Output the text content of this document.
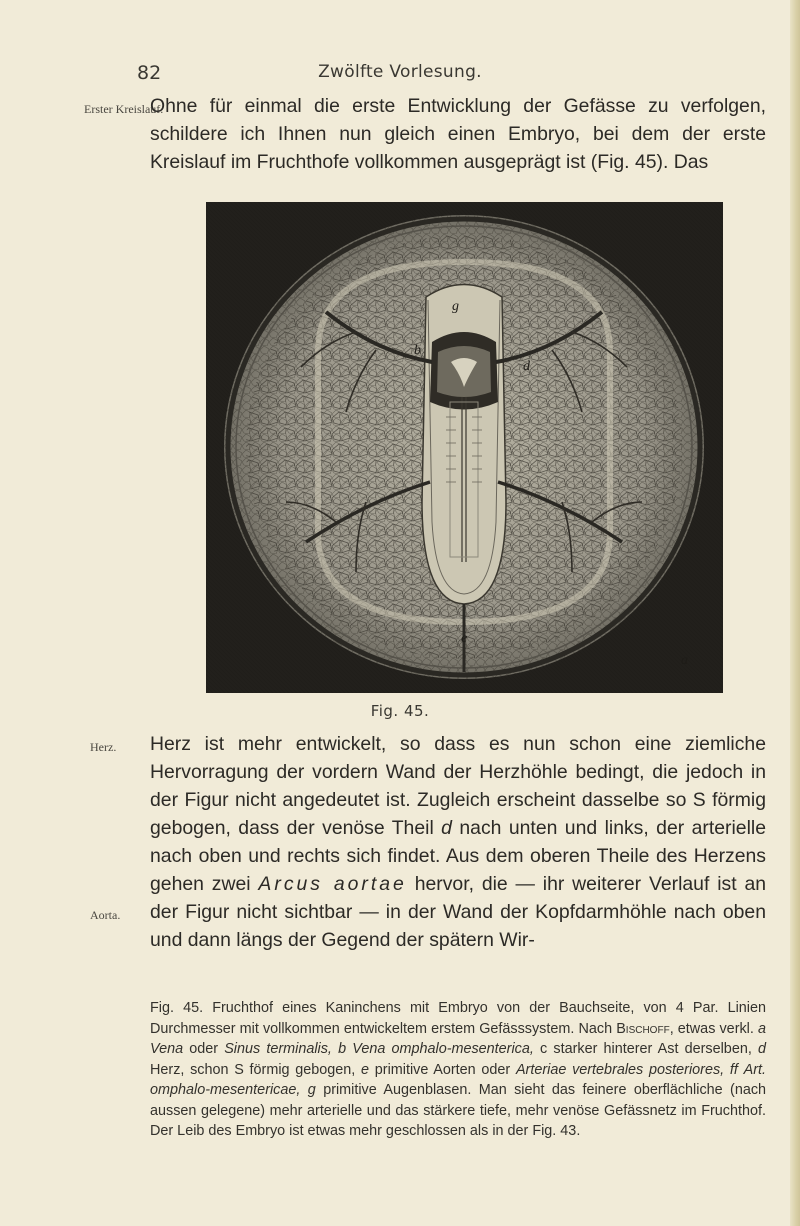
82	Zwölfte Vorlesung.
Erster Kreislauf.

Ohne für einmal die erste Entwicklung der Gefässe zu verfolgen, schildere ich Ihnen nun gleich einen Embryo, bei dem der erste Kreislauf im Fruchthofe vollkommen ausgeprägt ist (Fig. 45). Das

g
b
d
e
a
Fig. 45.
Herz.
Aorta.

Herz ist mehr entwickelt, so dass es nun schon eine ziemliche Hervorragung der vordern Wand der Herzhöhle bedingt, die jedoch in der Figur nicht angedeutet ist. Zugleich erscheint dasselbe so S förmig gebogen, dass der venöse Theil d nach unten und links, der arterielle nach oben und rechts sich findet. Aus dem oberen Theile des Herzens gehen zwei Arcus aortae hervor, die — ihr weiterer Verlauf ist an der Figur nicht sichtbar — in der Wand der Kopfdarmhöhle nach oben und dann längs der Gegend der spätern Wir-

Fig. 45. Fruchthof eines Kaninchens mit Embryo von der Bauchseite, von 4 Par. Linien Durchmesser mit vollkommen entwickeltem erstem Gefässsystem. Nach Bischoff, etwas verkl. a Vena oder Sinus terminalis, b Vena omphalo-mesenterica, c starker hinterer Ast derselben, d Herz, schon S förmig gebogen, e primitive Aorten oder Arteriae vertebrales posteriores, ff Art. omphalo-mesentericae, g primitive Augenblasen. Man sieht das feinere oberflächliche (nach aussen gelegene) mehr arterielle und das stärkere tiefe, mehr venöse Gefässnetz im Fruchthof. Der Leib des Embryo ist etwas mehr geschlossen als in der Fig. 43.
